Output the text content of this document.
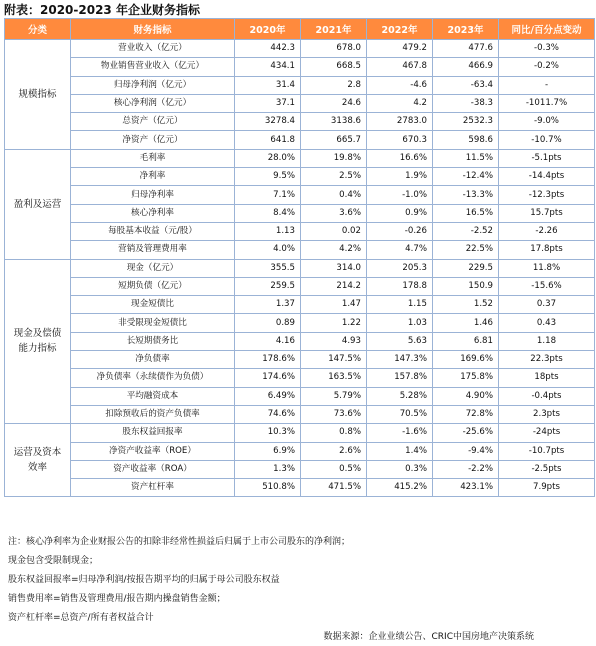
附表：2020-2023 年企业财务指标
分类	财务指标	2020年	2021年	2022年	2023年	同比/百分点变动
规模指标	营业收入（亿元）	442.3	678.0	479.2	477.6	-0.3%
	物业销售营业收入（亿元）	434.1	668.5	467.8	466.9	-0.2%
	归母净利润（亿元）	31.4	2.8	-4.6	-63.4	-
	核心净利润（亿元）	37.1	24.6	4.2	-38.3	-1011.7%
	总资产（亿元）	3278.4	3138.6	2783.0	2532.3	-9.0%
	净资产（亿元）	641.8	665.7	670.3	598.6	-10.7%
盈利及运营	毛利率	28.0%	19.8%	16.6%	11.5%	-5.1pts
	净利率	9.5%	2.5%	1.9%	-12.4%	-14.4pts
	归母净利率	7.1%	0.4%	-1.0%	-13.3%	-12.3pts
	核心净利率	8.4%	3.6%	0.9%	16.5%	15.7pts
	每股基本收益（元/股）	1.13	0.02	-0.26	-2.52	-2.26
	营销及管理费用率	4.0%	4.2%	4.7%	22.5%	17.8pts
现金及偿债能力指标	现金（亿元）	355.5	314.0	205.3	229.5	11.8%
	短期负债（亿元）	259.5	214.2	178.8	150.9	-15.6%
	现金短债比	1.37	1.47	1.15	1.52	0.37
	非受限现金短债比	0.89	1.22	1.03	1.46	0.43
	长短期债务比	4.16	4.93	5.63	6.81	1.18
	净负债率	178.6%	147.5%	147.3%	169.6%	22.3pts
	净负债率（永续债作为负债）	174.6%	163.5%	157.8%	175.8%	18pts
	平均融资成本	6.49%	5.79%	5.28%	4.90%	-0.4pts
	扣除预收后的资产负债率	74.6%	73.6%	70.5%	72.8%	2.3pts
运营及资本效率	股东权益回报率	10.3%	0.8%	-1.6%	-25.6%	-24pts
	净资产收益率（ROE）	6.9%	2.6%	1.4%	-9.4%	-10.7pts
	资产收益率（ROA）	1.3%	0.5%	0.3%	-2.2%	-2.5pts
	资产杠杆率	510.8%	471.5%	415.2%	423.1%	7.9pts
注：核心净利率为企业财报公告的扣除非经常性损益后归属于上市公司股东的净利润；
现金包含受限制现金；
股东权益回报率=归母净利润/按报告期平均的归属于母公司股东权益
销售费用率=销售及管理费用/报告期内操盘销售金额；
资产杠杆率=总资产/所有者权益合计
数据来源：企业业绩公告、CRIC中国房地产决策系统
